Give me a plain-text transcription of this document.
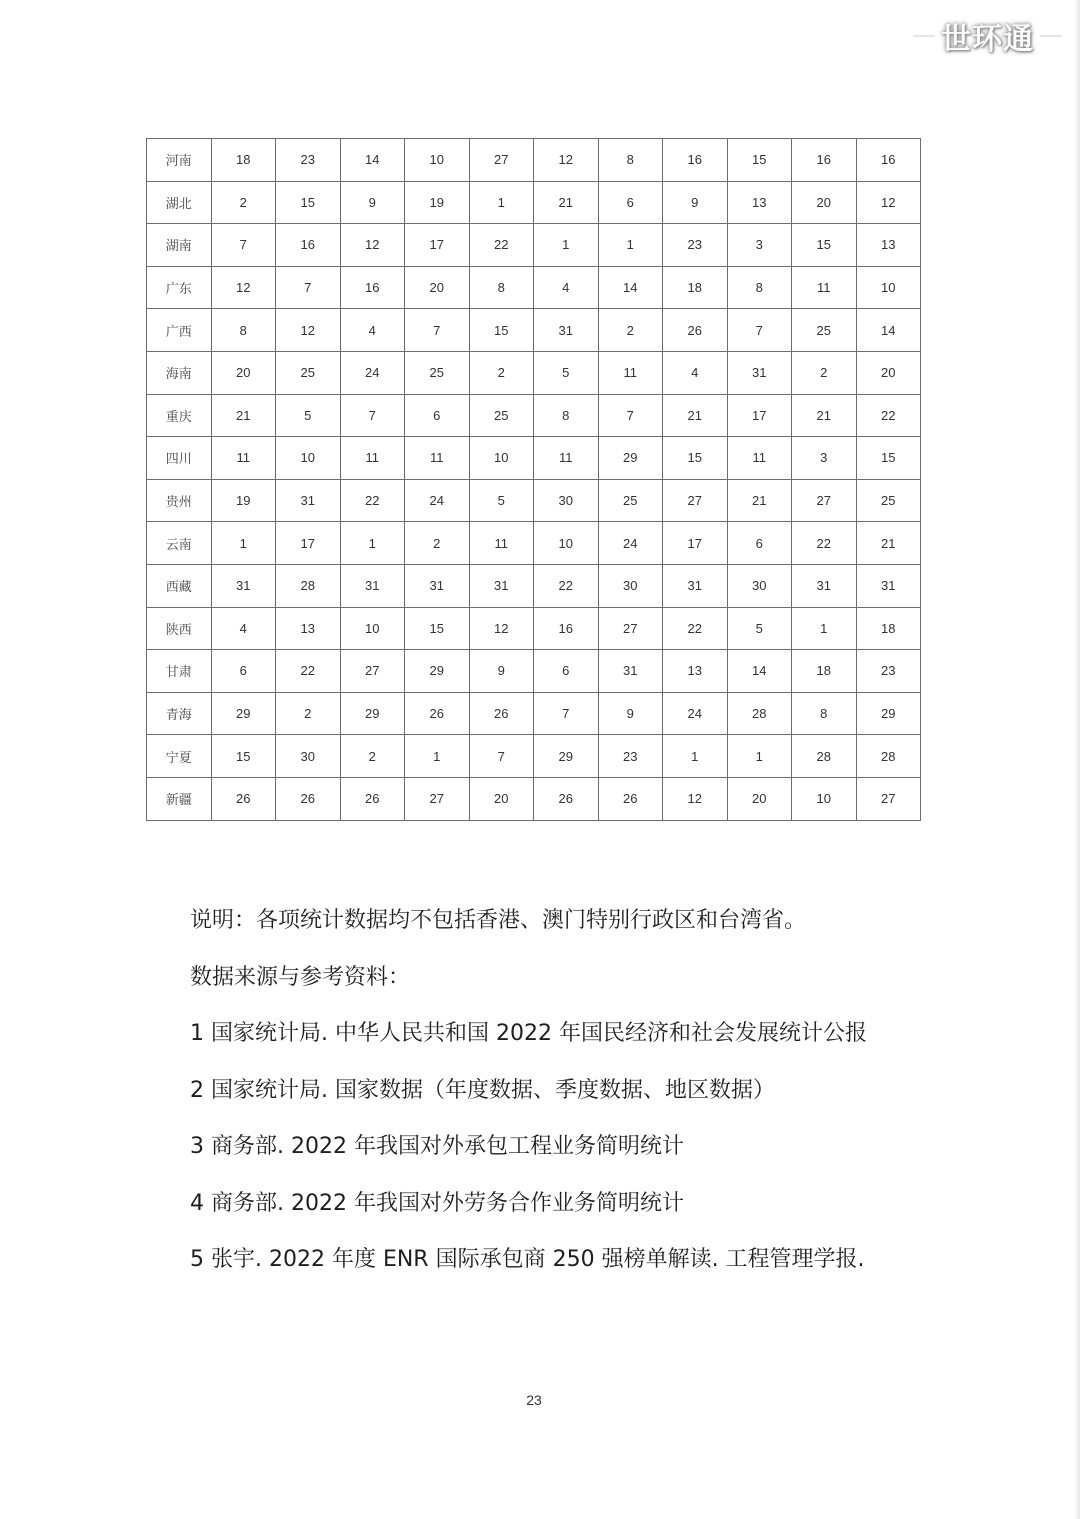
世环通
河南	18	23	14	10	27	12	8	16	15	16	16
湖北	2	15	9	19	1	21	6	9	13	20	12
湖南	7	16	12	17	22	1	1	23	3	15	13
广东	12	7	16	20	8	4	14	18	8	11	10
广西	8	12	4	7	15	31	2	26	7	25	14
海南	20	25	24	25	2	5	11	4	31	2	20
重庆	21	5	7	6	25	8	7	21	17	21	22
四川	11	10	11	11	10	11	29	15	11	3	15
贵州	19	31	22	24	5	30	25	27	21	27	25
云南	1	17	1	2	11	10	24	17	6	22	21
西藏	31	28	31	31	31	22	30	31	30	31	31
陕西	4	13	10	15	12	16	27	22	5	1	18
甘肃	6	22	27	29	9	6	31	13	14	18	23
青海	29	2	29	26	26	7	9	24	28	8	29
宁夏	15	30	2	1	7	29	23	1	1	28	28
新疆	26	26	26	27	20	26	26	12	20	10	27

说明：各项统计数据均不包括香港、澳门特别行政区和台湾省。

数据来源与参考资料：

1 国家统计局. 中华人民共和国 2022 年国民经济和社会发展统计公报

2 国家统计局. 国家数据（年度数据、季度数据、地区数据）

3 商务部. 2022 年我国对外承包工程业务简明统计

4 商务部. 2022 年我国对外劳务合作业务简明统计

5 张宇. 2022 年度 ENR 国际承包商 250 强榜单解读. 工程管理学报.

23
